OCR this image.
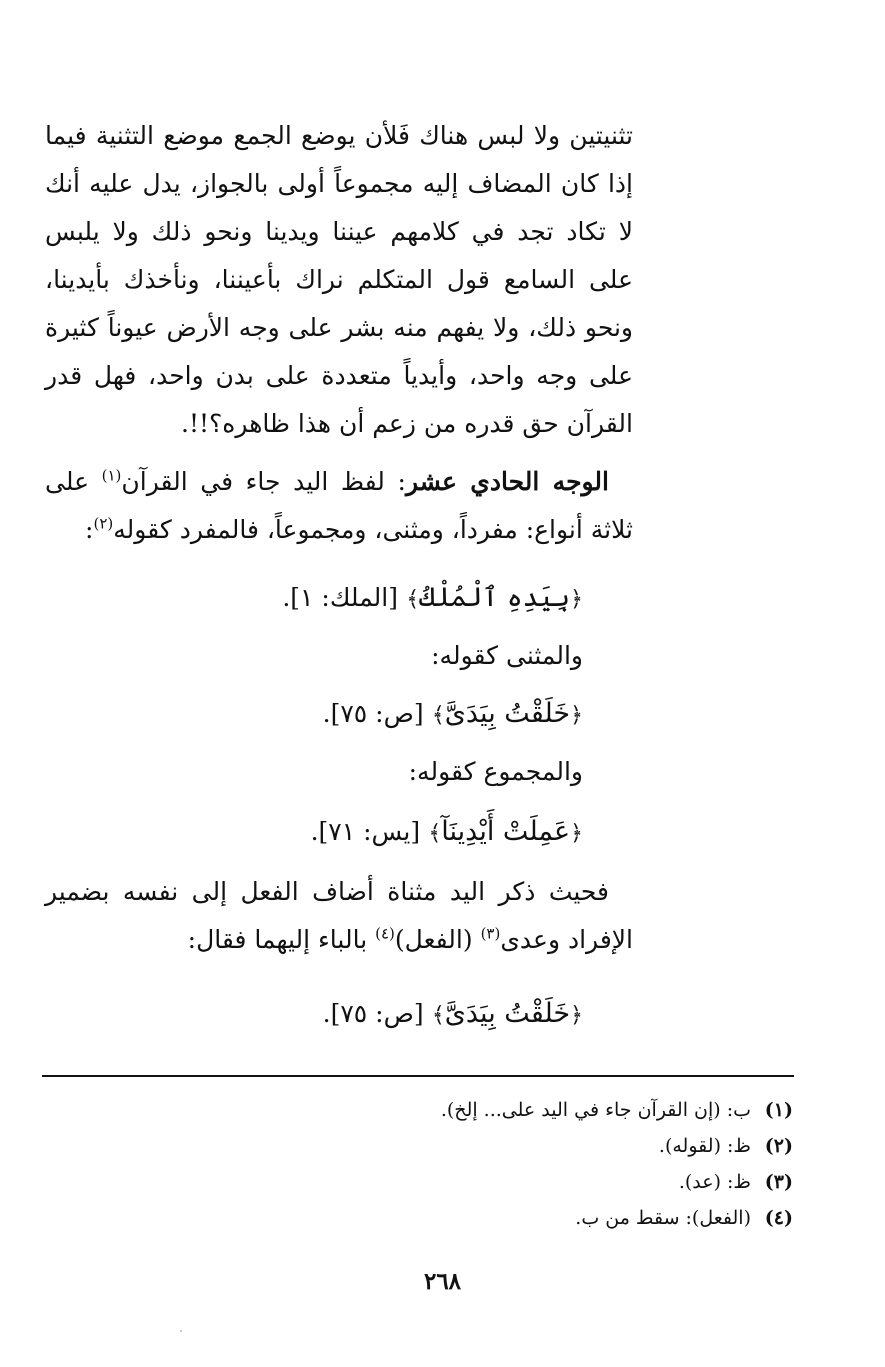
تثنيتين ولا لبس هناك فَلأن يوضع الجمع موضع التثنية فيما إذا كان المضاف إليه مجموعاً أولى بالجواز، يدل عليه أنك لا تكاد تجد في كلامهم عيننا ويدينا ونحو ذلك ولا يلبس على السامع قول المتكلم نراك بأعيننا، ونأخذك بأيدينا، ونحو ذلك، ولا يفهم منه بشر على وجه الأرض عيوناً كثيرة على وجه واحد، وأيدياً متعددة على بدن واحد، فهل قدر القرآن حق قدره من زعم أن هذا ظاهره؟!!.

الوجه الحادي عشر: لفظ اليد جاء في القرآن$^{(١)}$ على ثلاثة أنواع: مفرداً، ومثنى، ومجموعاً، فالمفرد كقوله$^{(٢)}$:

﴿بِيَدِهِ ٱلْمُلْكُ﴾ [الملك: ١].
والمثنى كقوله:
﴿خَلَقْتُ بِيَدَىَّ﴾ [ص: ٧٥].
والمجموع كقوله:
﴿عَمِلَتْ أَيْدِينَآ﴾ [يس: ٧١].

فحيث ذكر اليد مثناة أضاف الفعل إلى نفسه بضمير الإفراد وعدى$^{(٣)}$ (الفعل)$^{(٤)}$ بالباء إليهما فقال:

﴿خَلَقْتُ بِيَدَىَّ﴾ [ص: ٧٥].
(١)ب: (إن القرآن جاء في اليد على... إلخ).
(٢)ظ: (لقوله).
(٣)ظ: (عد).
(٤)(الفعل): سقط من ب.
٢٦٨
